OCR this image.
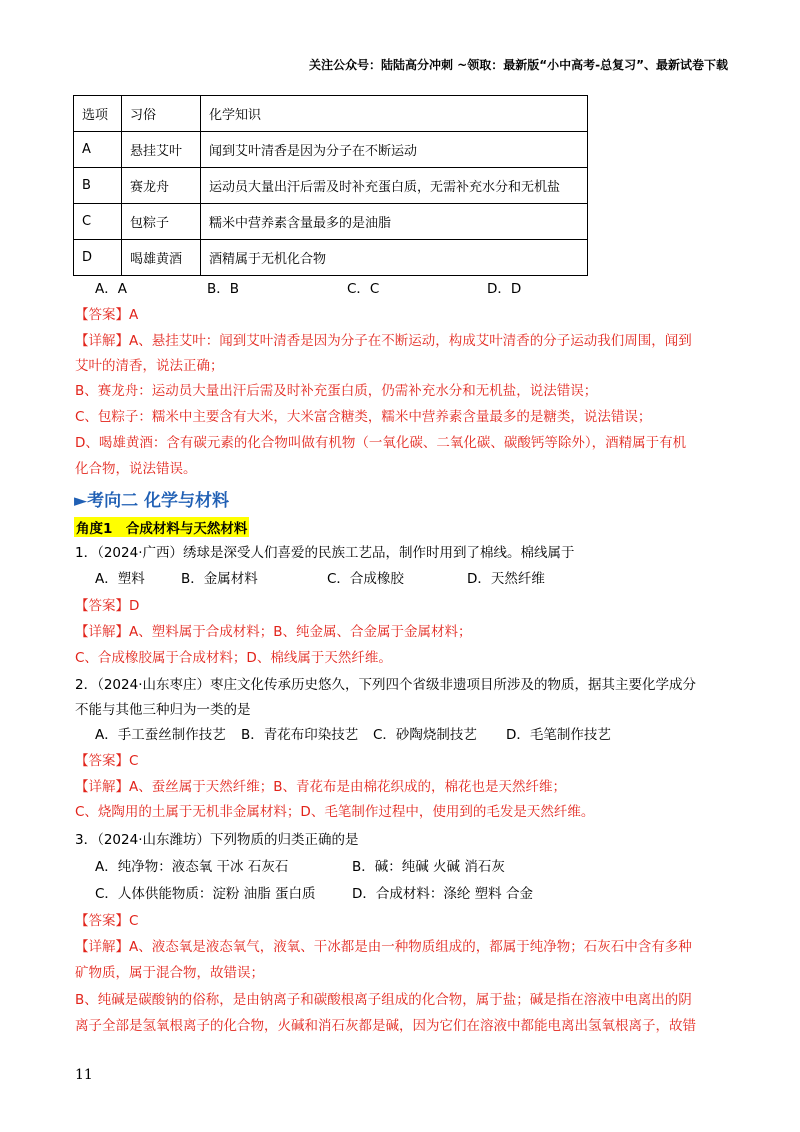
关注公众号：陆陆高分冲刺 ~领取：最新版“小中高考-总复习”、最新试卷下载
选项	习俗	化学知识
A	悬挂艾叶	闻到艾叶清香是因为分子在不断运动
B	赛龙舟	运动员大量出汗后需及时补充蛋白质，无需补充水分和无机盐
C	包粽子	糯米中营养素含量最多的是油脂
D	喝雄黄酒	酒精属于无机化合物
A．A	B．B	C．C	D．D
【答案】A
【详解】A、悬挂艾叶：闻到艾叶清香是因为分子在不断运动，构成艾叶清香的分子运动我们周围，闻到
艾叶的清香，说法正确；
B、赛龙舟：运动员大量出汗后需及时补充蛋白质，仍需补充水分和无机盐，说法错误；
C、包粽子：糯米中主要含有大米，大米富含糖类，糯米中营养素含量最多的是糖类，说法错误；
D、喝雄黄酒：含有碳元素的化合物叫做有机物（一氧化碳、二氧化碳、碳酸钙等除外），酒精属于有机
化合物，说法错误。
►考向二 化学与材料
角度1　合成材料与天然材料
1．（2024·广西）绣球是深受人们喜爱的民族工艺品，制作时用到了棉线。棉线属于
A．塑料	B．金属材料	C．合成橡胶	D．天然纤维
【答案】D
【详解】A、塑料属于合成材料；B、纯金属、合金属于金属材料；
C、合成橡胶属于合成材料；D、棉线属于天然纤维。
2．（2024·山东枣庄）枣庄文化传承历史悠久，下列四个省级非遗项目所涉及的物质，据其主要化学成分
不能与其他三种归为一类的是
A．手工蚕丝制作技艺 B．青花布印染技艺 C．砂陶烧制技艺 D．毛笔制作技艺
【答案】C
【详解】A、蚕丝属于天然纤维；B、青花布是由棉花织成的，棉花也是天然纤维；
C、烧陶用的土属于无机非金属材料；D、毛笔制作过程中，使用到的毛发是天然纤维。
3．（2024·山东潍坊）下列物质的归类正确的是
A．纯净物：液态氧 干冰 石灰石	B．碱：纯碱 火碱 消石灰
C．人体供能物质：淀粉 油脂 蛋白质	D．合成材料：涤纶 塑料 合金
【答案】C
【详解】A、液态氧是液态氧气，液氧、干冰都是由一种物质组成的，都属于纯净物；石灰石中含有多种
矿物质，属于混合物，故错误；
B、纯碱是碳酸钠的俗称，是由钠离子和碳酸根离子组成的化合物，属于盐；碱是指在溶液中电离出的阴
离子全部是氢氧根离子的化合物，火碱和消石灰都是碱，因为它们在溶液中都能电离出氢氧根离子，故错
11
